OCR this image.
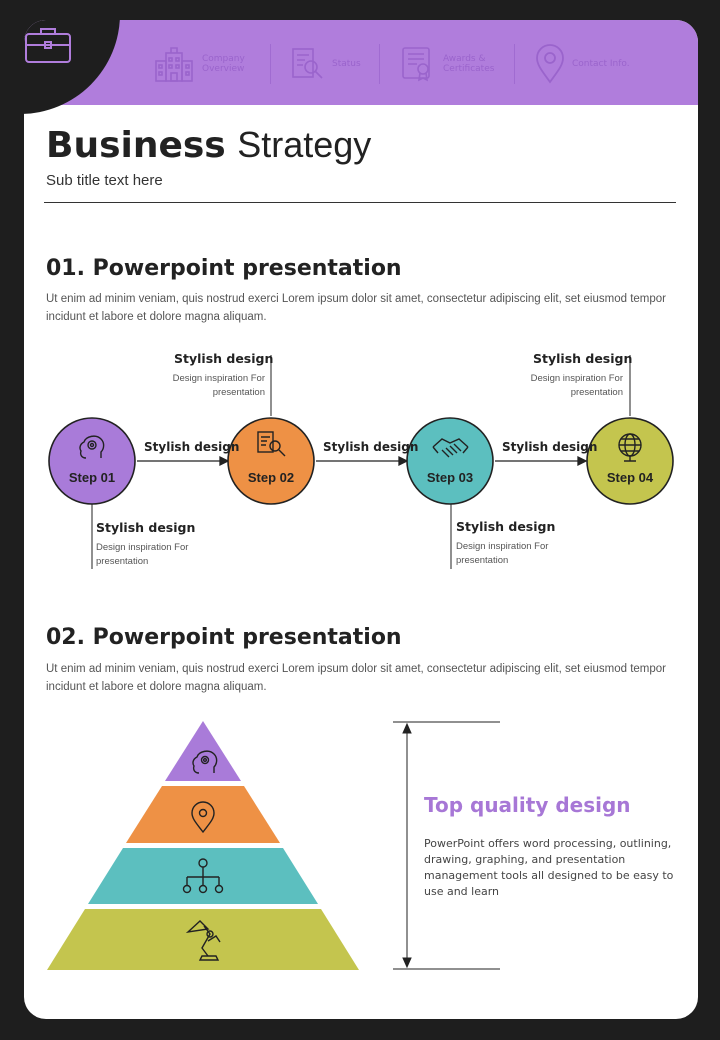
Company
Overview	Status	Awards &
Certificates	Contact Info.
Business Strategy
Sub title text here
01. Powerpoint presentation
Ut enim ad minim veniam, quis nostrud exerci Lorem ipsum dolor sit amet, consectetur adipiscing elit, set eiusmod tempor incidunt et labore et dolore magna aliquam.
Step 01	Step 02	Step 03	Step 04
Stylish design	Stylish design	Stylish design
Stylish design
Design inspiration For presentation
Stylish design
Design inspiration For presentation
Stylish design
Design inspiration For presentation
Stylish design
Design inspiration For presentation
02. Powerpoint presentation
Ut enim ad minim veniam, quis nostrud exerci Lorem ipsum dolor sit amet, consectetur adipiscing elit, set eiusmod tempor incidunt et labore et dolore magna aliquam.
Top quality design
PowerPoint offers word processing, outlining, drawing, graphing, and presentation management tools all designed to be easy to use and learn
